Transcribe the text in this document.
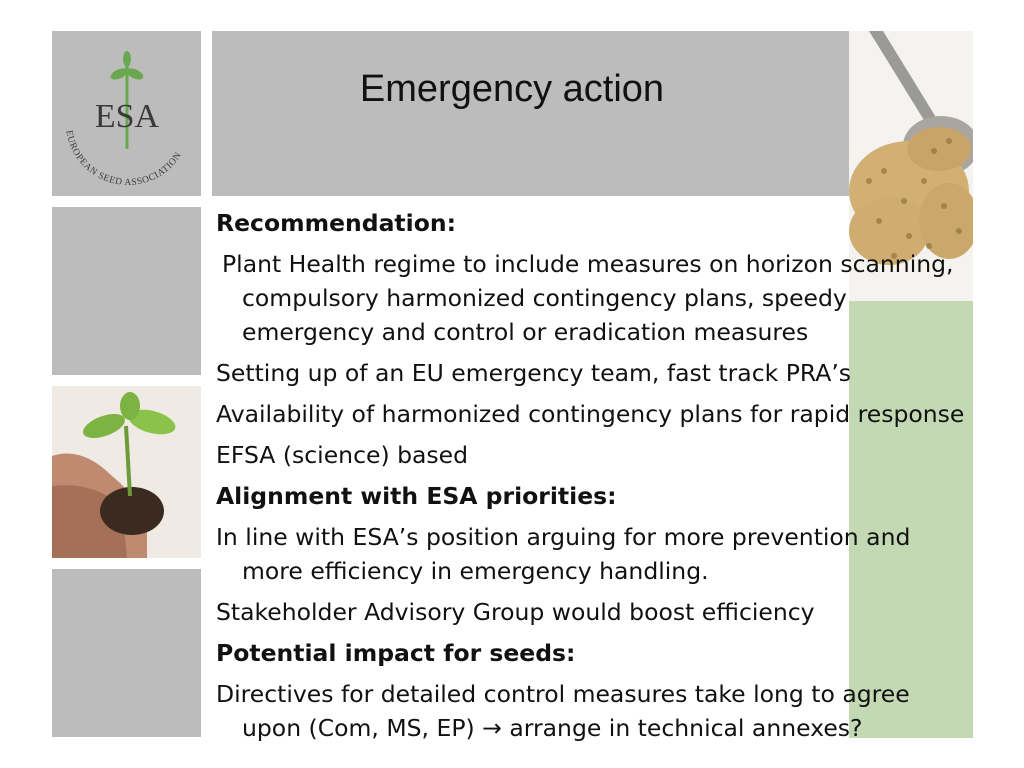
ESA
EUROPEAN SEED ASSOCIATION
Emergency action

Recommendation:

Plant Health regime to include measures on horizon scanning, compulsory harmonized contingency plans, speedy emergency and control or eradication measures

Setting up of an EU emergency team, fast track PRA’s

Availability of harmonized contingency plans for rapid response

EFSA (science) based

Alignment with ESA priorities:

In line with ESA’s position arguing for more prevention and more efficiency in emergency handling.

Stakeholder Advisory Group would boost efficiency

Potential impact for seeds:

Directives for detailed control measures take long to agree upon (Com, MS, EP) → arrange in technical annexes?
